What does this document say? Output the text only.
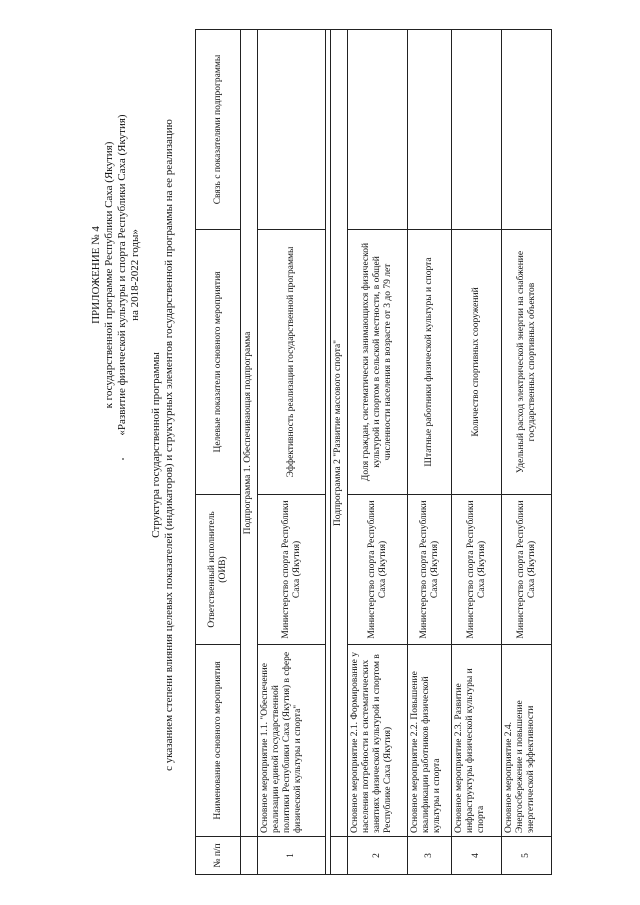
ПРИЛОЖЕНИЕ № 4 к государственной программе Республики Саха (Якутия) «Развитие физической культуры и спорта Республики Саха (Якутия) на 2018-2022 годы»
Структура государственной программы с указанием степени влияния целевых показателей (индикаторов) и структурных элементов государственной программы на ее реализацию
№ п/п	Наименование основного мероприятия	Ответственный исполнитель (ОИВ)	Целевые показатели основного мероприятия	Связь с показателями подпрограммы
	Подпрограмма 1. Обеспечивающая подпрограмма			
1	Основное мероприятие 1.1. "Обеспечение реализации единой государственной политики Республики Саха (Якутия) в сфере физической культуры и спорта"	Министерство спорта Республики Саха (Якутия)	Эффективность реализации государственной программы	

	Подпрограмма 2 "Развитие массового спорта"			
2	Основное мероприятие 2.1. Формирование у населения потребности в систематических занятиях физической культурой и спортом в Республике Саха (Якутия)	Министерство спорта Республики Саха (Якутия)	Доля граждан, систематически занимающихся физической культурой и спортом в сельской местности, в общей численности населения в возрасте от 3 до 79 лет	
3	Основное мероприятие 2.2. Повышение квалификации работников физической культуры и спорта	Министерство спорта Республики Саха (Якутия)	Штатные работники физической культуры и спорта	
4	Основное мероприятие 2.3. Развитие инфраструктуры физической культуры и спорта	Министерство спорта Республики Саха (Якутия)	Количество спортивных сооружений	
5	Основное мероприятие 2.4. Энергосбережение и повышение энергетической эффективности	Министерство спорта Республики Саха (Якутия)	Удельный расход электрической энергии на снабжение государственных спортивных объектов	
